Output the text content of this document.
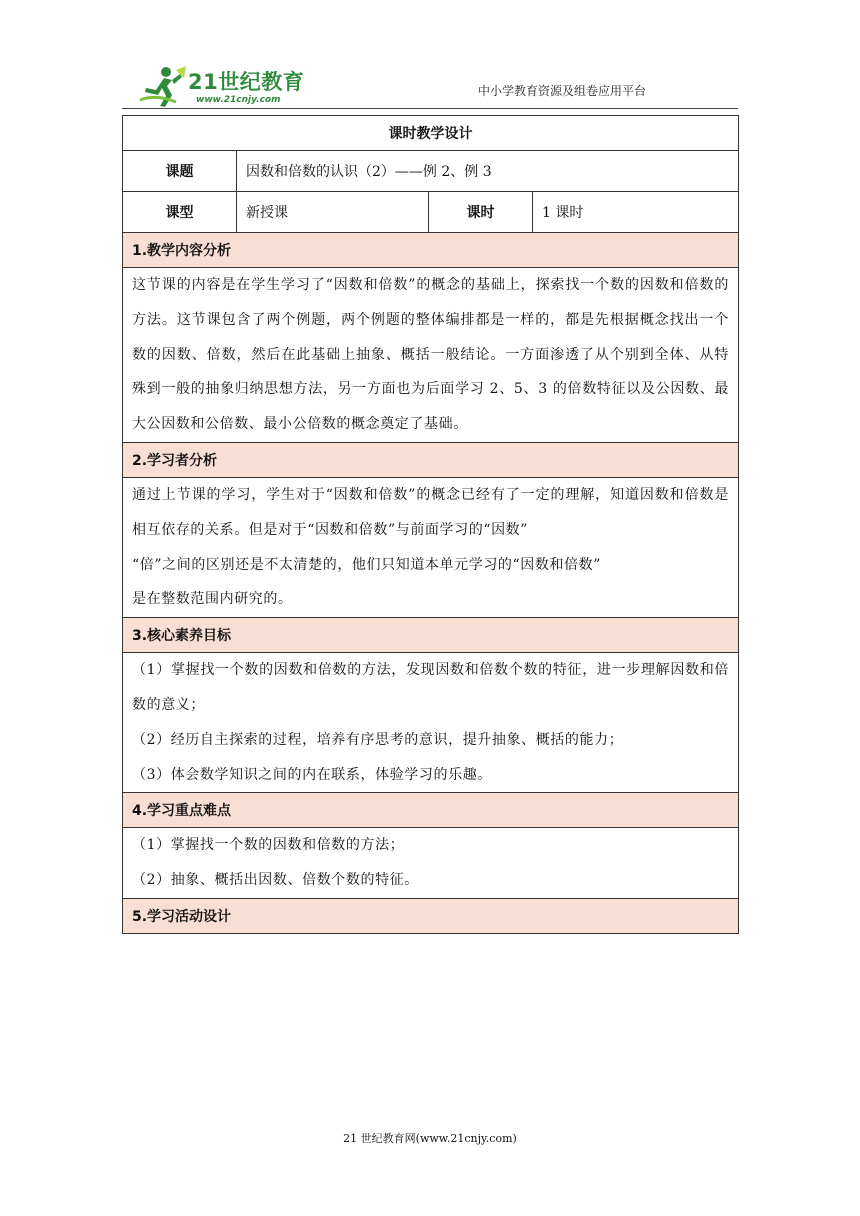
21世纪教育
www.21cnjy.com
中小学教育资源及组卷应用平台
课时教学设计			
课题	因数和倍数的认识（2）——例 2、例 3		
课型	新授课	课时	1 课时
1.教学内容分析			

这节课的内容是在学生学习了“因数和倍数”的概念的基础上，探索找一个数的因数和倍数的方法。这节课包含了两个例题，两个例题的整体编排都是一样的，都是先根据概念找出一个数的因数、倍数，然后在此基础上抽象、概括一般结论。一方面渗透了从个别到全体、从特殊到一般的抽象归纳思想方法，另一方面也为后面学习 2、5、3 的倍数特征以及公因数、最大公因数和公倍数、最小公倍数的概念奠定了基础。			

2.学习者分析			

通过上节课的学习，学生对于“因数和倍数”的概念已经有了一定的理解，知道因数和倍数是相互依存的关系。但是对于“因数和倍数”与前面学习的“因数”
“倍”之间的区别还是不太清楚的，他们只知道本单元学习的“因数和倍数”
是在整数范围内研究的。			

3.核心素养目标			

（1）掌握找一个数的因数和倍数的方法，发现因数和倍数个数的特征，进一步理解因数和倍数的意义；
（2）经历自主探索的过程，培养有序思考的意识，提升抽象、概括的能力；
（3）体会数学知识之间的内在联系，体验学习的乐趣。			

4.学习重点难点			

（1）掌握找一个数的因数和倍数的方法；
（2）抽象、概括出因数、倍数个数的特征。			

5.学习活动设计			
21 世纪教育网(www.21cnjy.com)
